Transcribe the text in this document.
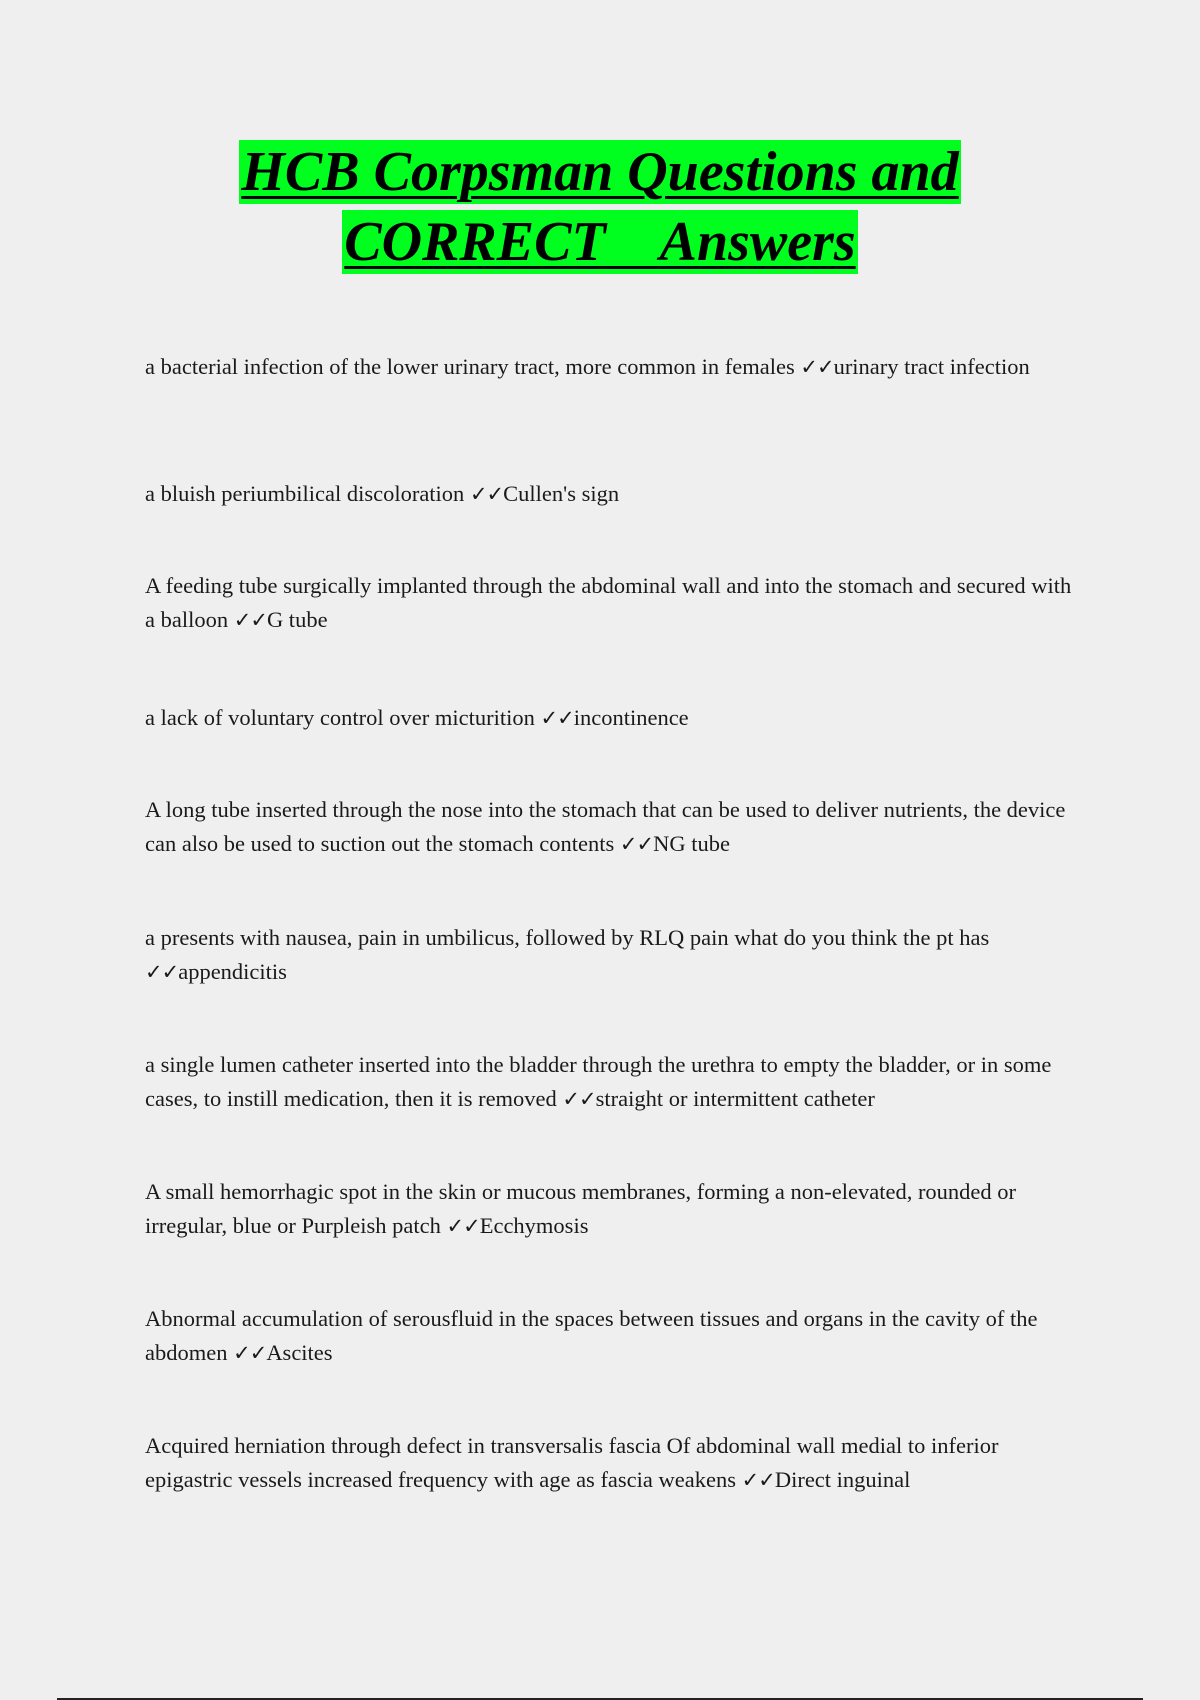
HCB Corpsman Questions and
CORRECT    Answers
a bacterial infection of the lower urinary tract, more common in females ✓✓urinary tract infection
a bluish periumbilical discoloration ✓✓Cullen's sign
A feeding tube surgically implanted through the abdominal wall and into the stomach and secured with a balloon ✓✓G tube
a lack of voluntary control over micturition ✓✓incontinence
A long tube inserted through the nose into the stomach that can be used to deliver nutrients, the device can also be used to suction out the stomach contents ✓✓NG tube
a presents with nausea, pain in umbilicus, followed by RLQ pain what do you think the pt has ✓✓appendicitis
a single lumen catheter inserted into the bladder through the urethra to empty the bladder, or in some cases, to instill medication, then it is removed ✓✓straight or intermittent catheter
A small hemorrhagic spot in the skin or mucous membranes, forming a non-elevated, rounded or irregular, blue or Purpleish patch ✓✓Ecchymosis
Abnormal accumulation of serousfluid in the spaces between tissues and organs in the cavity of the abdomen ✓✓Ascites
Acquired herniation through defect in transversalis fascia Of abdominal wall medial to inferior epigastric vessels increased frequency with age as fascia weakens ✓✓Direct inguinal
